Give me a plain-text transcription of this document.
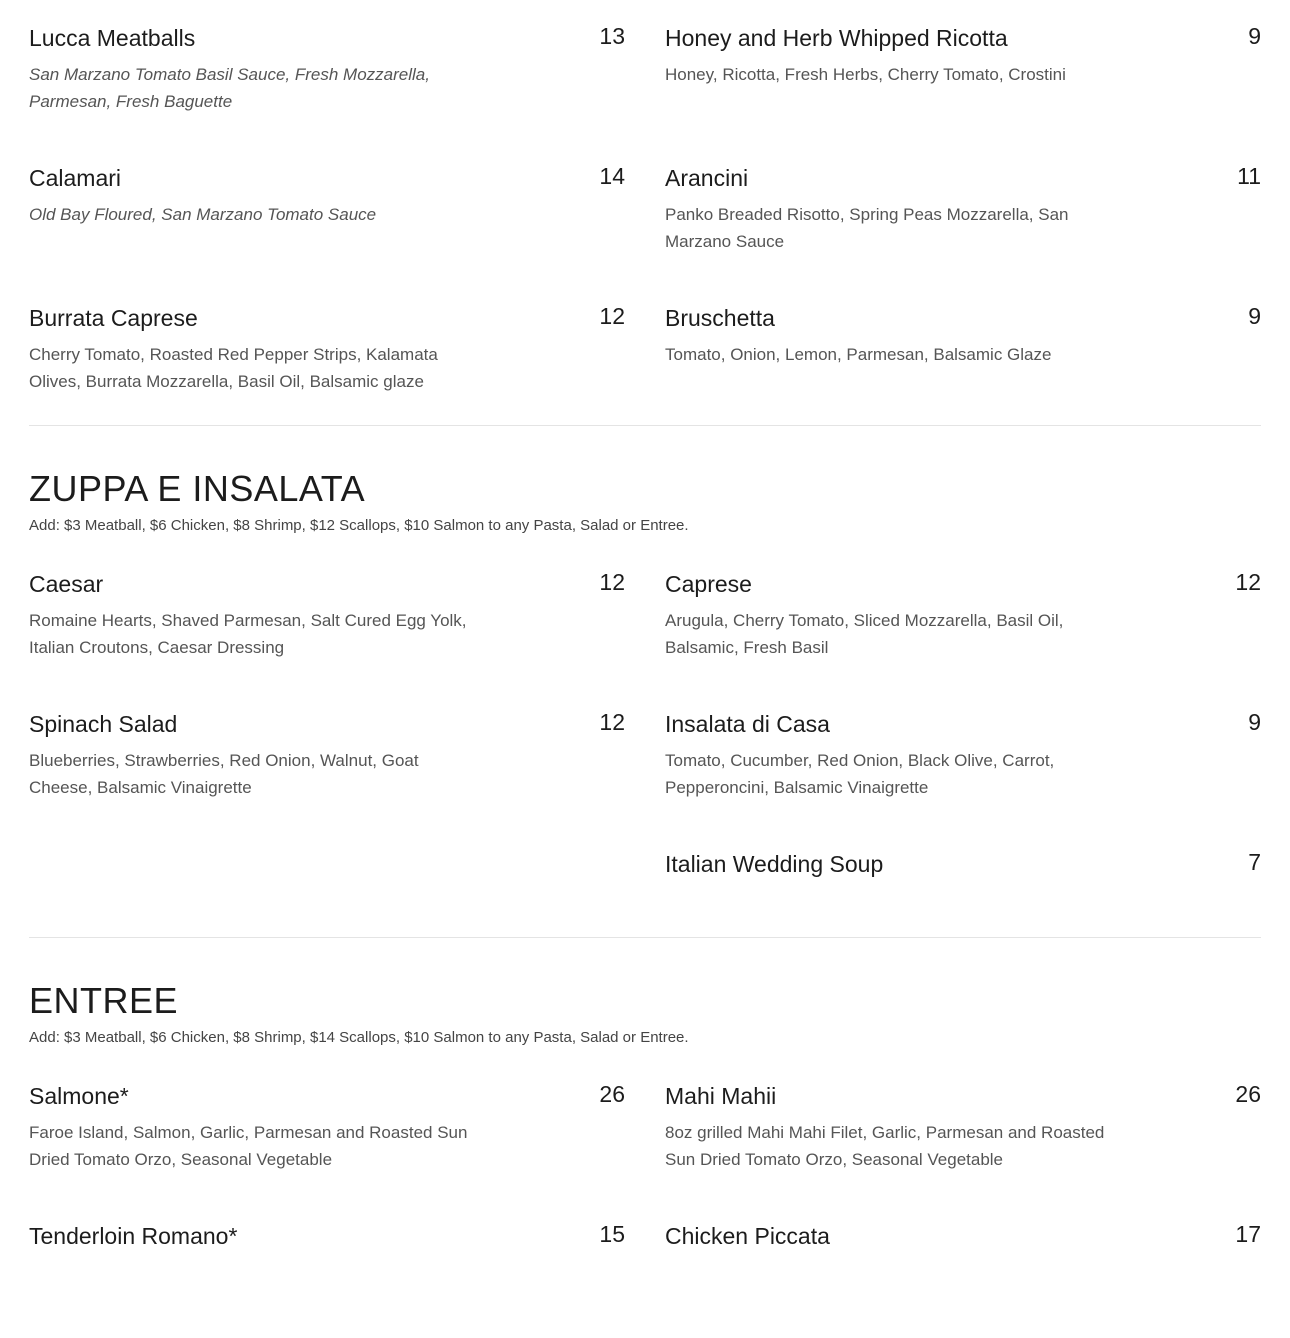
Lucca Meatballs	13
San Marzano Tomato Basil Sauce, Fresh Mozzarella, Parmesan, Fresh Baguette
Calamari	14
Old Bay Floured, San Marzano Tomato Sauce
Burrata Caprese	12
Cherry Tomato, Roasted Red Pepper Strips, Kalamata Olives, Burrata Mozzarella, Basil Oil, Balsamic glaze
Honey and Herb Whipped Ricotta	9
Honey, Ricotta, Fresh Herbs, Cherry Tomato, Crostini
Arancini	11
Panko Breaded Risotto, Spring Peas Mozzarella, San Marzano Sauce
Bruschetta	9
Tomato, Onion, Lemon, Parmesan, Balsamic Glaze
ZUPPA E INSALATA
Add: $3 Meatball, $6 Chicken, $8 Shrimp, $12 Scallops, $10 Salmon to any Pasta, Salad or Entree.
Caesar	12
Romaine Hearts, Shaved Parmesan, Salt Cured Egg Yolk, Italian Croutons, Caesar Dressing
Spinach Salad	12
Blueberries, Strawberries, Red Onion, Walnut, Goat Cheese, Balsamic Vinaigrette
Caprese	12
Arugula, Cherry Tomato, Sliced Mozzarella, Basil Oil, Balsamic, Fresh Basil
Insalata di Casa	9
Tomato, Cucumber, Red Onion, Black Olive, Carrot, Pepperoncini, Balsamic Vinaigrette
Italian Wedding Soup	7
ENTREE
Add: $3 Meatball, $6 Chicken, $8 Shrimp, $14 Scallops, $10 Salmon to any Pasta, Salad or Entree.
Salmone*	26
Faroe Island, Salmon, Garlic, Parmesan and Roasted Sun Dried Tomato Orzo, Seasonal Vegetable
Tenderloin Romano*	15
Mahi Mahii	26
8oz grilled Mahi Mahi Filet, Garlic, Parmesan and Roasted Sun Dried Tomato Orzo, Seasonal Vegetable
Chicken Piccata	17
